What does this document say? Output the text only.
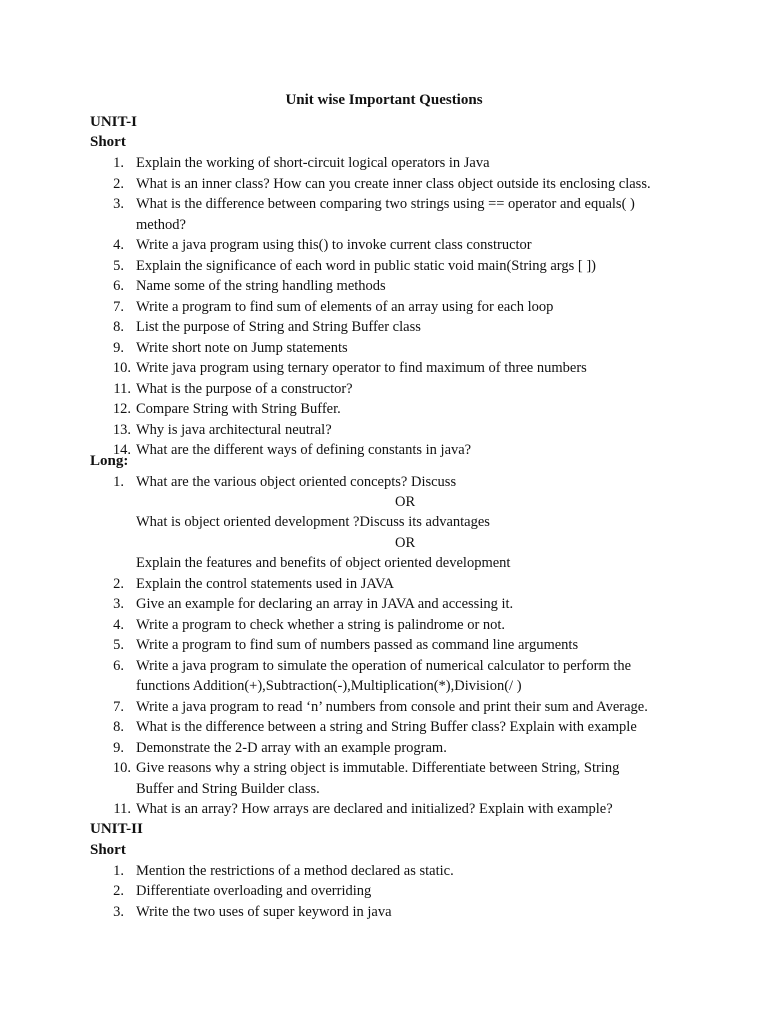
Unit wise Important Questions
UNIT-I
Short
1. Explain the working of short-circuit logical operators in Java
2. What is an inner class? How can you create inner class object outside its enclosing class.
3. What is the difference between comparing two strings using == operator and equals( )
method?
4. Write a java program using this() to invoke current class constructor
5. Explain the significance of each word in public static void main(String args [ ])
6. Name some of the string handling methods
7. Write a program to find sum of elements of an array using for each loop
8. List the purpose of String and String Buffer class
9. Write short note on Jump statements
10. Write java program using ternary operator to find maximum of three numbers
11. What is the purpose of a constructor?
12. Compare String with String Buffer.
13. Why is java architectural neutral?
14. What are the different ways of defining constants in java?
Long:
1. What are the various object oriented concepts? Discuss
OR
What is object oriented development ?Discuss its advantages
OR
Explain the features and benefits of object oriented development
2. Explain the control statements used in JAVA
3. Give an example for declaring an array in JAVA and accessing it.
4. Write a program to check whether a string is palindrome or not.
5. Write a program to find sum of numbers passed as command line arguments
6. Write a java program to simulate the operation of numerical calculator to perform the
functions Addition(+),Subtraction(-),Multiplication(*),Division(/ )
7. Write a java program to read ‘n’ numbers from console and print their sum and Average.
8. What is the difference between a string and String Buffer class? Explain with example
9. Demonstrate the 2-D array with an example program.
10. Give reasons why a string object is immutable. Differentiate between String, String
Buffer and String Builder class.
11. What is an array? How arrays are declared and initialized? Explain with example?
UNIT-II
Short
1. Mention the restrictions of a method declared as static.
2. Differentiate overloading and overriding
3. Write the two uses of super keyword in java
